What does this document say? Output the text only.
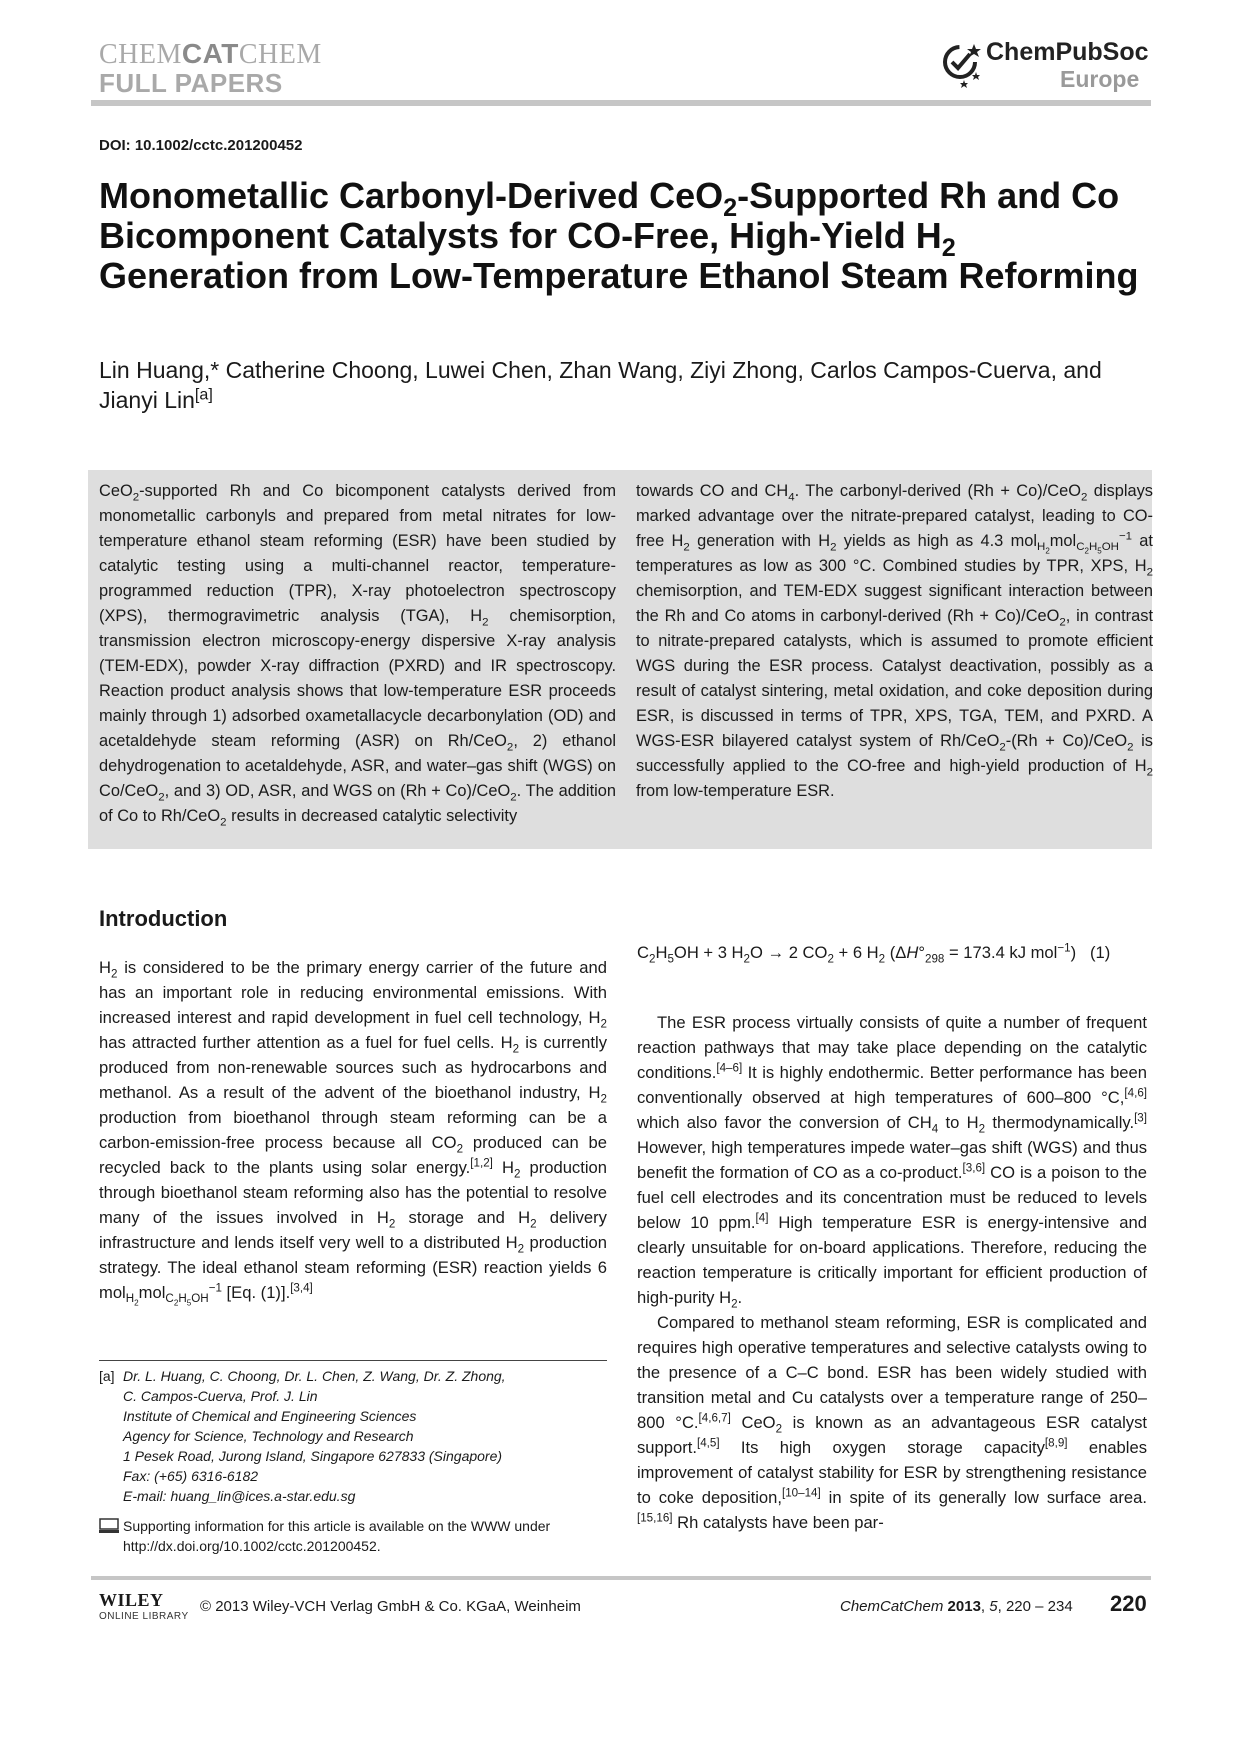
CHEMCATCHEM
FULL PAPERS
ChemPubSoc
Europe
DOI: 10.1002/cctc.201200452
Monometallic Carbonyl-Derived CeO$_2$-Supported Rh and Co Bicomponent Catalysts for CO-Free, High-Yield $H_2$ Generation from Low-Temperature Ethanol Steam Reforming
Lin Huang,* Catherine Choong, Luwei Chen, Zhan Wang, Ziyi Zhong, Carlos Campos-Cuerva, and Jianyi Lin[a]

CeO$_2$-supported Rh and Co bicomponent catalysts derived from monometallic carbonyls and prepared from metal nitrates for low-temperature ethanol steam reforming (ESR) have been studied by catalytic testing using a multi-channel reactor, temperature-programmed reduction (TPR), X-ray photoelectron spectroscopy (XPS), thermogravimetric analysis (TGA), $H_2$ chemisorption, transmission electron microscopy-energy dispersive X-ray analysis (TEM-EDX), powder X-ray diffraction (PXRD) and IR spectroscopy. Reaction product analysis shows that low-temperature ESR proceeds mainly through 1) adsorbed oxametallacycle decarbonylation (OD) and acetaldehyde steam reforming (ASR) on Rh/CeO$_2$, 2) ethanol dehydrogenation to acetaldehyde, ASR, and water–gas shift (WGS) on Co/CeO$_2$, and 3) OD, ASR, and WGS on (Rh + Co)/CeO$_2$. The addition of Co to Rh/CeO$_2$ results in decreased catalytic selectivity

towards CO and $CH_4$. The carbonyl-derived (Rh + Co)/CeO$_2$ displays marked advantage over the nitrate-prepared catalyst, leading to CO-free $H_2$ generation with $H_2$ yields as high as 4.3 mol$_{H_2}$mol$_{C_2H_5OH}^{-1}$ at temperatures as low as 300 °C. Combined studies by TPR, XPS, $H_2$ chemisorption, and TEM-EDX suggest significant interaction between the Rh and Co atoms in carbonyl-derived (Rh + Co)/CeO$_2$, in contrast to nitrate-prepared catalysts, which is assumed to promote efficient WGS during the ESR process. Catalyst deactivation, possibly as a result of catalyst sintering, metal oxidation, and coke deposition during ESR, is discussed in terms of TPR, XPS, TGA, TEM, and PXRD. A WGS-ESR bilayered catalyst system of Rh/CeO$_2$-(Rh + Co)/CeO$_2$ is successfully applied to the CO-free and high-yield production of $H_2$ from low-temperature ESR.

Introduction

$H_2$ is considered to be the primary energy carrier of the future and has an important role in reducing environmental emissions. With increased interest and rapid development in fuel cell technology, $H_2$ has attracted further attention as a fuel for fuel cells. $H_2$ is currently produced from non-renewable sources such as hydrocarbons and methanol. As a result of the advent of the bioethanol industry, $H_2$ production from bioethanol through steam reforming can be a carbon-emission-free process because all $CO_2$ produced can be recycled back to the plants using solar energy.[1,2] $H_2$ production through bioethanol steam reforming also has the potential to resolve many of the issues involved in $H_2$ storage and $H_2$ delivery infrastructure and lends itself very well to a distributed $H_2$ production strategy. The ideal ethanol steam reforming (ESR) reaction yields 6 mol$_{H_2}$mol$_{C_2H_5OH}^{-1}$ [Eq. (1)].[3,4]

$C_2H_5OH + 3$ $H_2O \to 2$ $CO_2 + 6$ $H_2$ ($\Delta H^\circ_{298} = 173.4$ kJ mol$^{-1}$)   (1)

The ESR process virtually consists of quite a number of frequent reaction pathways that may take place depending on the catalytic conditions.[4–6] It is highly endothermic. Better performance has been conventionally observed at high temperatures of 600–800 °C,[4,6] which also favor the conversion of $CH_4$ to $H_2$ thermodynamically.[3] However, high temperatures impede water–gas shift (WGS) and thus benefit the formation of CO as a co-product.[3,6] CO is a poison to the fuel cell electrodes and its concentration must be reduced to levels below 10 ppm.[4] High temperature ESR is energy-intensive and clearly unsuitable for on-board applications. Therefore, reducing the reaction temperature is critically important for efficient production of high-purity $H_2$.

Compared to methanol steam reforming, ESR is complicated and requires high operative temperatures and selective catalysts owing to the presence of a C–C bond. ESR has been widely studied with transition metal and Cu catalysts over a temperature range of 250–800 °C.[4,6,7] CeO$_2$ is known as an advantageous ESR catalyst support.[4,5] Its high oxygen storage capacity[8,9] enables improvement of catalyst stability for ESR by strengthening resistance to coke deposition,[10–14] in spite of its generally low surface area.[15,16] Rh catalysts have been par-

[a] Dr. L. Huang, C. Choong, Dr. L. Chen, Z. Wang, Dr. Z. Zhong,
C. Campos-Cuerva, Prof. J. Lin
Institute of Chemical and Engineering Sciences
Agency for Science, Technology and Research
1 Pesek Road, Jurong Island, Singapore 627833 (Singapore)
Fax: (+65) 6316-6182
E-mail: huang_lin@ices.a-star.edu.sg
Supporting information for this article is available on the WWW under http://dx.doi.org/10.1002/cctc.201200452.
WILEY
ONLINE LIBRARY
© 2013 Wiley-VCH Verlag GmbH & Co. KGaA, Weinheim	ChemCatChem 2013, 5, 220 – 234 220
